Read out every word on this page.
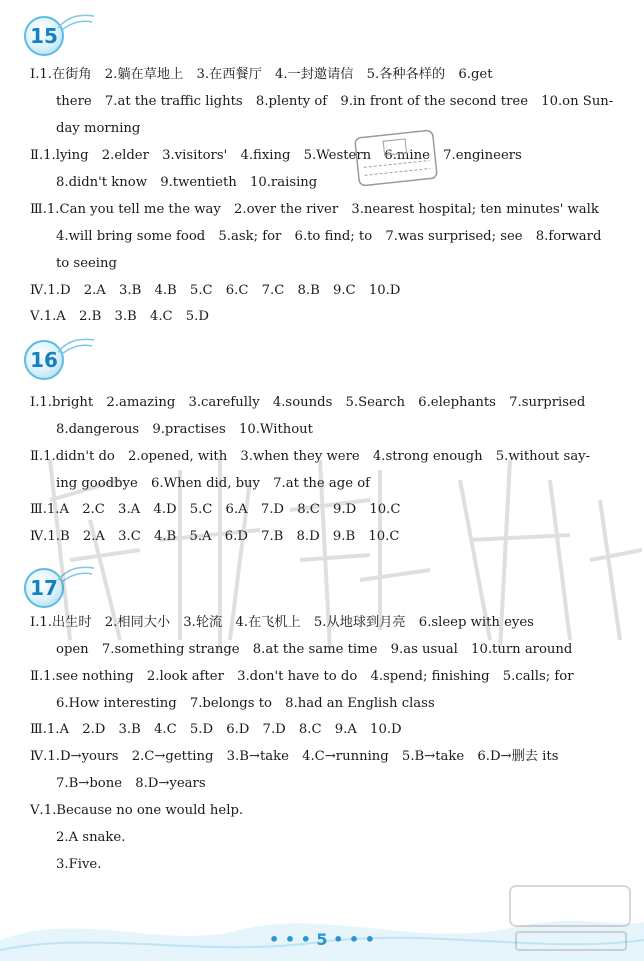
15
Ⅰ.1.在街角　2.躺在草地上　3.在西餐厅　4.一封邀请信　5.各种各样的　6.get
there　7.at the traffic lights　8.plenty of　9.in front of the second tree　10.on Sun-
day morning
Ⅱ.1.lying　2.elder　3.visitors'　4.fixing　5.Western　6.mine　7.engineers
8.didn't know　9.twentieth　10.raising
Ⅲ.1.Can you tell me the way　2.over the river　3.nearest hospital; ten minutes' walk
4.will bring some food　5.ask; for　6.to find; to　7.was surprised; see　8.forward
to seeing
Ⅳ.1.D　2.A　3.B　4.B　5.C　6.C　7.C　8.B　9.C　10.D
Ⅴ.1.A　2.B　3.B　4.C　5.D
16
Ⅰ.1.bright　2.amazing　3.carefully　4.sounds　5.Search　6.elephants　7.surprised
8.dangerous　9.practises　10.Without
Ⅱ.1.didn't do　2.opened, with　3.when they were　4.strong enough　5.without say-
ing goodbye　6.When did, buy　7.at the age of
Ⅲ.1.A　2.C　3.A　4.D　5.C　6.A　7.D　8.C　9.D　10.C
Ⅳ.1.B　2.A　3.C　4.B　5.A　6.D　7.B　8.D　9.B　10.C
17
Ⅰ.1.出生时　2.相同大小　3.轮流　4.在飞机上　5.从地球到月亮　6.sleep with eyes
open　7.something strange　8.at the same time　9.as usual　10.turn around
Ⅱ.1.see nothing　2.look after　3.don't have to do　4.spend; finishing　5.calls; for
6.How interesting　7.belongs to　8.had an English class
Ⅲ.1.A　2.D　3.B　4.C　5.D　6.D　7.D　8.C　9.A　10.D
Ⅳ.1.D→yours　2.C→getting　3.B→take　4.C→running　5.B→take　6.D→删去 its
7.B→bone　8.D→years
Ⅴ.1.Because no one would help.
2.A snake.
3.Five.
• • • 5 • • •
